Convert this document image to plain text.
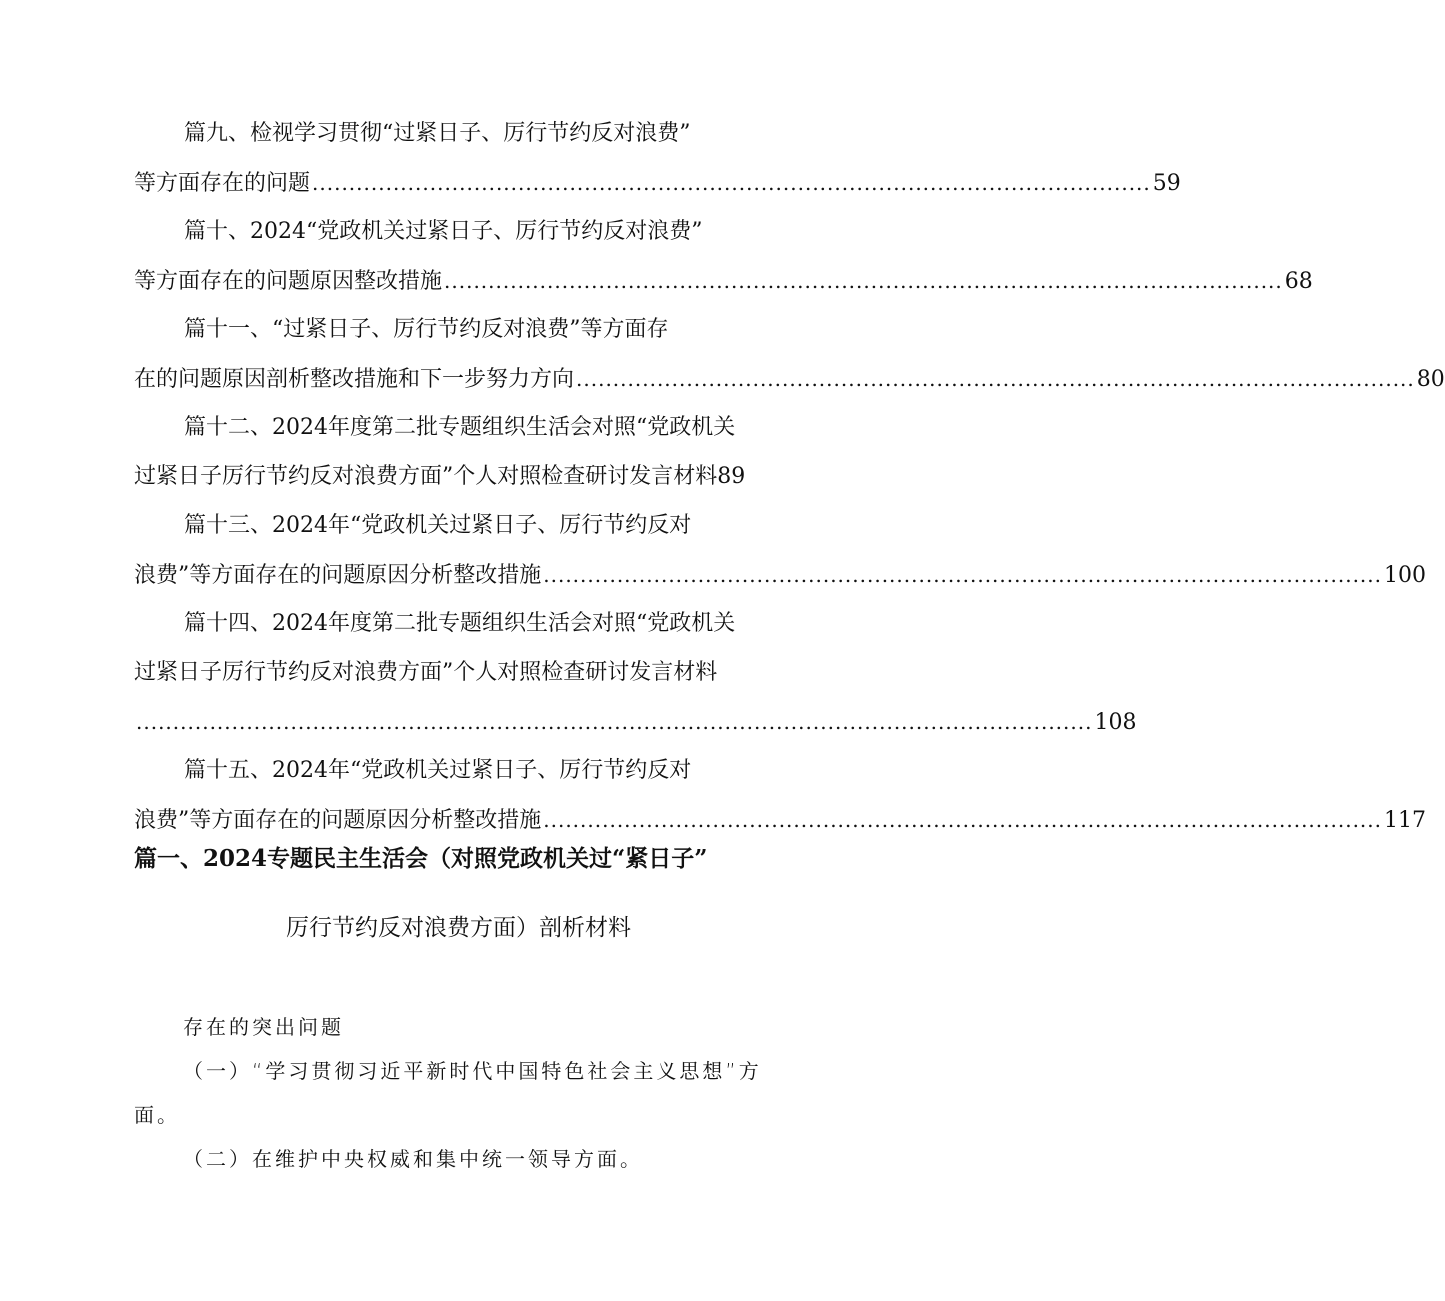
篇九、检视学习贯彻“过紧日子、厉行节约反对浪费”
等方面存在的问题 .................................................................................................................. 59
篇十、2024“党政机关过紧日子、厉行节约反对浪费”
等方面存在的问题原因整改措施 .................................................................................................................. 68
篇十一、“过紧日子、厉行节约反对浪费”等方面存
在的问题原因剖析整改措施和下一步努力方向 .................................................................................................................. 80
篇十二、2024年度第二批专题组织生活会对照“党政机关
过紧日子厉行节约反对浪费方面”个人对照检查研讨发言材料89
篇十三、2024年“党政机关过紧日子、厉行节约反对
浪费”等方面存在的问题原因分析整改措施 .................................................................................................................. 100
篇十四、2024年度第二批专题组织生活会对照“党政机关
过紧日子厉行节约反对浪费方面”个人对照检查研讨发言材料
.................................................................................................................................. 108
篇十五、2024年“党政机关过紧日子、厉行节约反对
浪费”等方面存在的问题原因分析整改措施 .................................................................................................................. 117
篇一、2024专题民主生活会（对照党政机关过“紧日子”
厉行节约反对浪费方面）剖析材料
存在的突出问题
（一）“学习贯彻习近平新时代中国特色社会主义思想”方
面。
（二）在维护中央权威和集中统一领导方面。
